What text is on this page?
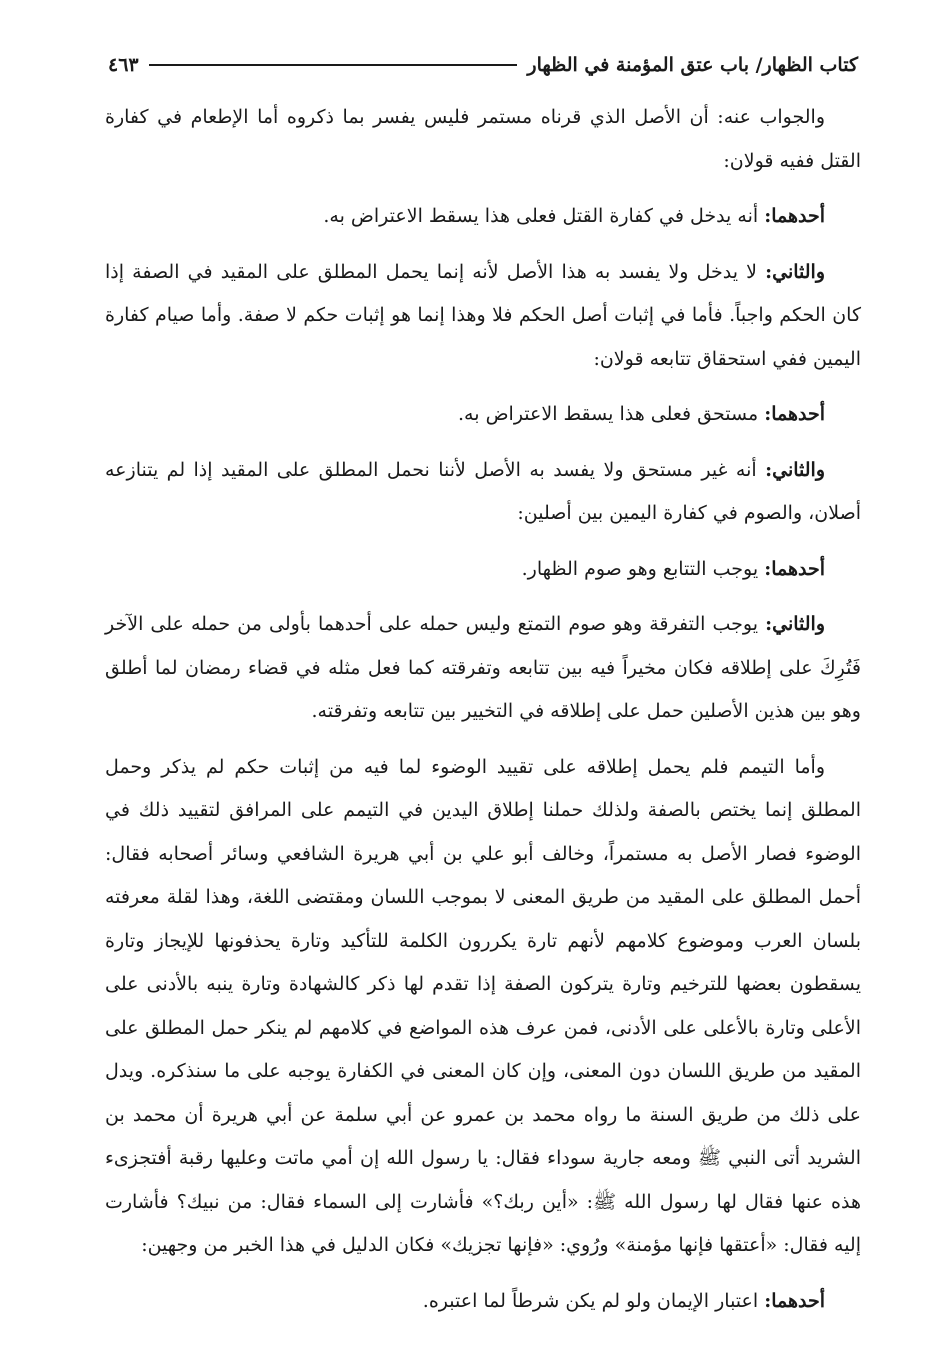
كتاب الظهار/ باب عتق المؤمنة في الظهار
٤٦٣

والجواب عنه: أن الأصل الذي قرناه مستمر فليس يفسر بما ذكروه أما الإطعام في كفارة القتل ففيه قولان:

أحدهما: أنه يدخل في كفارة القتل فعلى هذا يسقط الاعتراض به.

والثاني: لا يدخل ولا يفسد به هذا الأصل لأنه إنما يحمل المطلق على المقيد في الصفة إذا كان الحكم واجباً. فأما في إثبات أصل الحكم فلا وهذا إنما هو إثبات حكم لا صفة. وأما صيام كفارة اليمين ففي استحقاق تتابعه قولان:

أحدهما: مستحق فعلى هذا يسقط الاعتراض به.

والثاني: أنه غير مستحق ولا يفسد به الأصل لأننا نحمل المطلق على المقيد إذا لم يتنازعه أصلان، والصوم في كفارة اليمين بين أصلين:

أحدهما: يوجب التتابع وهو صوم الظهار.

والثاني: يوجب التفرقة وهو صوم التمتع وليس حمله على أحدهما بأولى من حمله على الآخر فَتُرِكَ على إطلاقه فكان مخيراً فيه بين تتابعه وتفرقته كما فعل مثله في قضاء رمضان لما أطلق وهو بين هذين الأصلين حمل على إطلاقه في التخيير بين تتابعه وتفرقته.

وأما التيمم فلم يحمل إطلاقه على تقييد الوضوء لما فيه من إثبات حكم لم يذكر وحمل المطلق إنما يختص بالصفة ولذلك حملنا إطلاق اليدين في التيمم على المرافق لتقييد ذلك في الوضوء فصار الأصل به مستمراً، وخالف أبو علي بن أبي هريرة الشافعي وسائر أصحابه فقال: أحمل المطلق على المقيد من طريق المعنى لا بموجب اللسان ومقتضى اللغة، وهذا لقلة معرفته بلسان العرب وموضوع كلامهم لأنهم تارة يكررون الكلمة للتأكيد وتارة يحذفونها للإيجاز وتارة يسقطون بعضها للترخيم وتارة يتركون الصفة إذا تقدم لها ذكر كالشهادة وتارة ينبه بالأدنى على الأعلى وتارة بالأعلى على الأدنى، فمن عرف هذه المواضع في كلامهم لم ينكر حمل المطلق على المقيد من طريق اللسان دون المعنى، وإن كان المعنى في الكفارة يوجبه على ما سنذكره. ويدل على ذلك من طريق السنة ما رواه محمد بن عمرو عن أبي سلمة عن أبي هريرة أن محمد بن الشريد أتى النبي ﷺ ومعه جارية سوداء فقال: يا رسول الله إن أمي ماتت وعليها رقبة أفتجزىء هذه عنها فقال لها رسول الله ﷺ: «أين ربك؟» فأشارت إلى السماء فقال: من نبيك؟ فأشارت إليه فقال: «أعتقها فإنها مؤمنة» ورُوي: «فإنها تجزيك» فكان الدليل في هذا الخبر من وجهين:

أحدهما: اعتبار الإيمان ولو لم يكن شرطاً لما اعتبره.
